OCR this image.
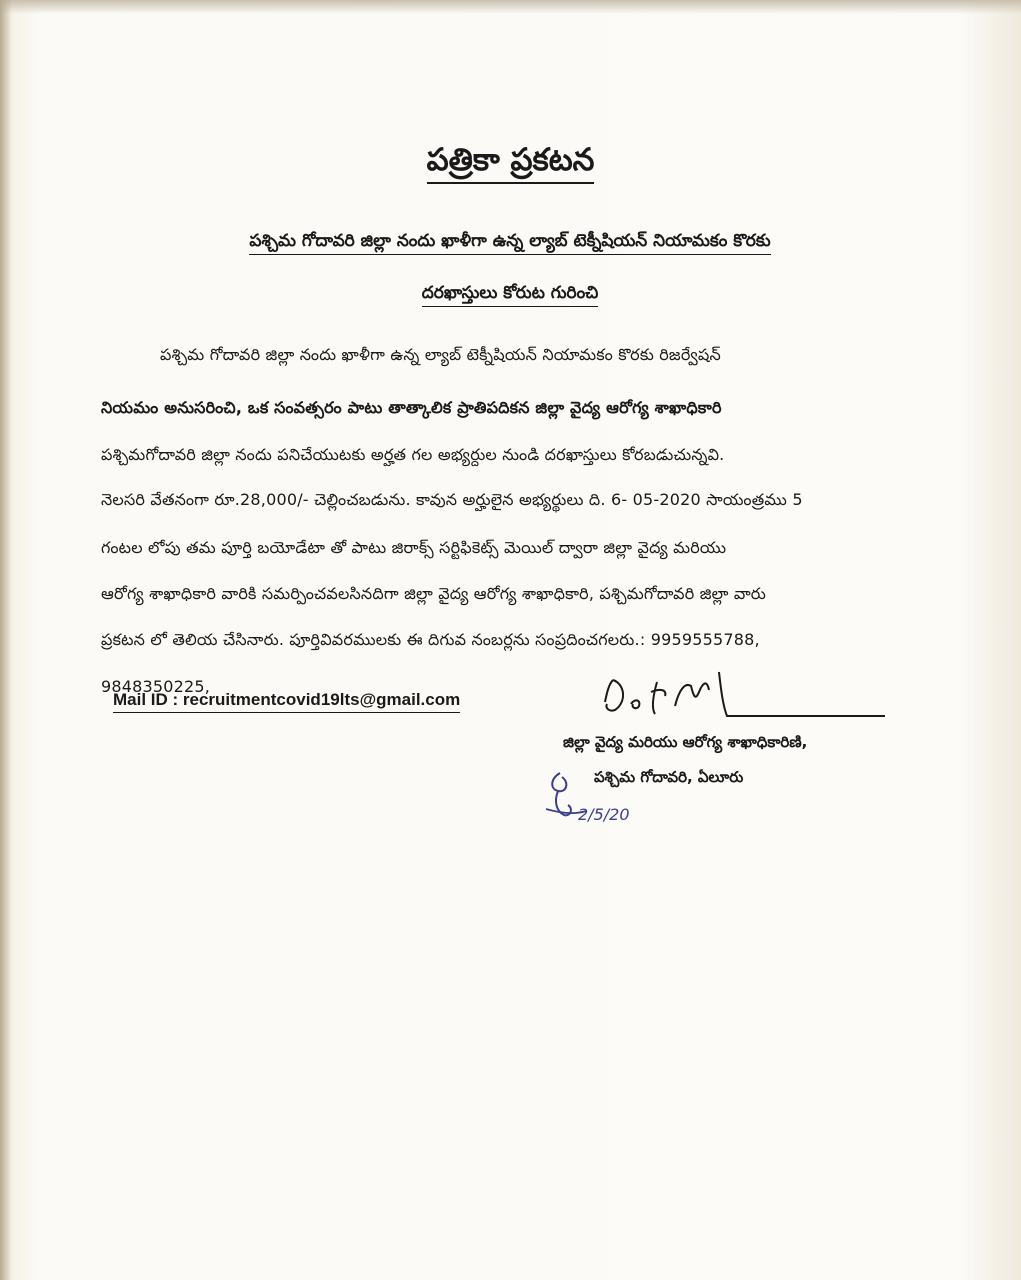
పత్రికా ప్రకటన
పశ్చిమ గోదావరి జిల్లా నందు ఖాళీగా ఉన్న ల్యాబ్ టెక్నీషియన్ నియామకం కొరకు
దరఖాస్తులు కోరుట గురించి
పశ్చిమ గోదావరి జిల్లా నందు ఖాళీగా ఉన్న ల్యాబ్ టెక్నీషియన్ నియామకం కొరకు రిజర్వేషన్
నియమం అనుసరించి, ఒక సంవత్సరం పాటు తాత్కాలిక ప్రాతిపదికన జిల్లా వైద్య ఆరోగ్య శాఖాధికారి
పశ్చిమగోదావరి జిల్లా నందు పనిచేయుటకు అర్హత గల అభ్యర్దుల నుండి దరఖాస్తులు కోరబడుచున్నవి.
నెలసరి వేతనంగా రూ.28,000/- చెల్లించబడును. కావున అర్హులైన అభ్యర్థులు ది. 6- 05-2020 సాయంత్రము 5
గంటల లోపు తమ పూర్తి బయోడేటా తో పాటు జిరాక్స్ సర్టిఫికెట్స్ మెయిల్ ద్వారా జిల్లా వైద్య మరియు
ఆరోగ్య శాఖాధికారి వారికి సమర్పించవలసినదిగా జిల్లా వైద్య ఆరోగ్య శాఖాధికారి, పశ్చిమగోదావరి జిల్లా వారు
ప్రకటన లో తెలియ చేసినారు. పూర్తివివరములకు ఈ దిగువ నంబర్లను సంప్రదించగలరు.: 9959555788,
9848350225,
Mail ID : recruitmentcovid19lts@gmail.com
జిల్లా వైద్య మరియు ఆరోగ్య శాఖాధికారిణి,
పశ్చిమ గోదావరి, ఏలూరు
2/5/20
